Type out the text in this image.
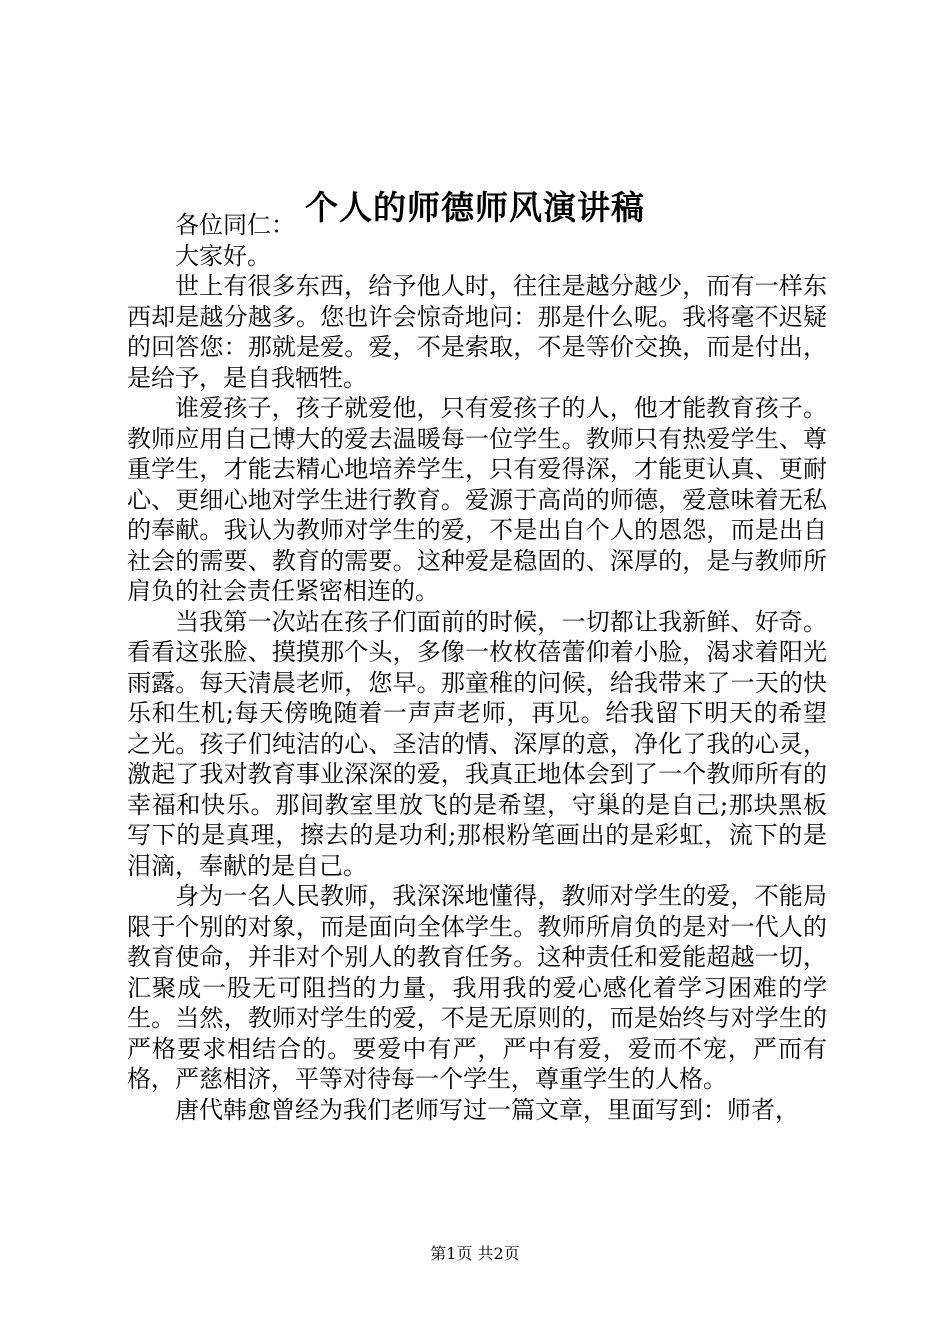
个人的师德师风演讲稿

各位同仁：

大家好。

世上有很多东西，给予他人时，往往是越分越少，而有一样东西却是越分越多。您也许会惊奇地问：那是什么呢。我将毫不迟疑的回答您：那就是爱。爱，不是索取，不是等价交换，而是付出，是给予，是自我牺牲。

谁爱孩子，孩子就爱他，只有爱孩子的人，他才能教育孩子。教师应用自己博大的爱去温暖每一位学生。教师只有热爱学生、尊重学生，才能去精心地培养学生，只有爱得深，才能更认真、更耐心、更细心地对学生进行教育。爱源于高尚的师德，爱意味着无私的奉献。我认为教师对学生的爱，不是出自个人的恩怨，而是出自社会的需要、教育的需要。这种爱是稳固的、深厚的，是与教师所肩负的社会责任紧密相连的。

当我第一次站在孩子们面前的时候，一切都让我新鲜、好奇。看看这张脸、摸摸那个头，多像一枚枚蓓蕾仰着小脸，渴求着阳光雨露。每天清晨老师，您早。那童稚的问候，给我带来了一天的快乐和生机;每天傍晚随着一声声老师，再见。给我留下明天的希望之光。孩子们纯洁的心、圣洁的情、深厚的意，净化了我的心灵，激起了我对教育事业深深的爱，我真正地体会到了一个教师所有的幸福和快乐。那间教室里放飞的是希望，守巢的是自己;那块黑板写下的是真理，擦去的是功利;那根粉笔画出的是彩虹，流下的是泪滴，奉献的是自己。

身为一名人民教师，我深深地懂得，教师对学生的爱，不能局限于个别的对象，而是面向全体学生。教师所肩负的是对一代人的教育使命，并非对个别人的教育任务。这种责任和爱能超越一切，汇聚成一股无可阻挡的力量，我用我的爱心感化着学习困难的学生。当然，教师对学生的爱，不是无原则的，而是始终与对学生的严格要求相结合的。要爱中有严，严中有爱，爱而不宠，严而有格，严慈相济，平等对待每一个学生，尊重学生的人格。

唐代韩愈曾经为我们老师写过一篇文章，里面写到：师者，

第1页 共2页
